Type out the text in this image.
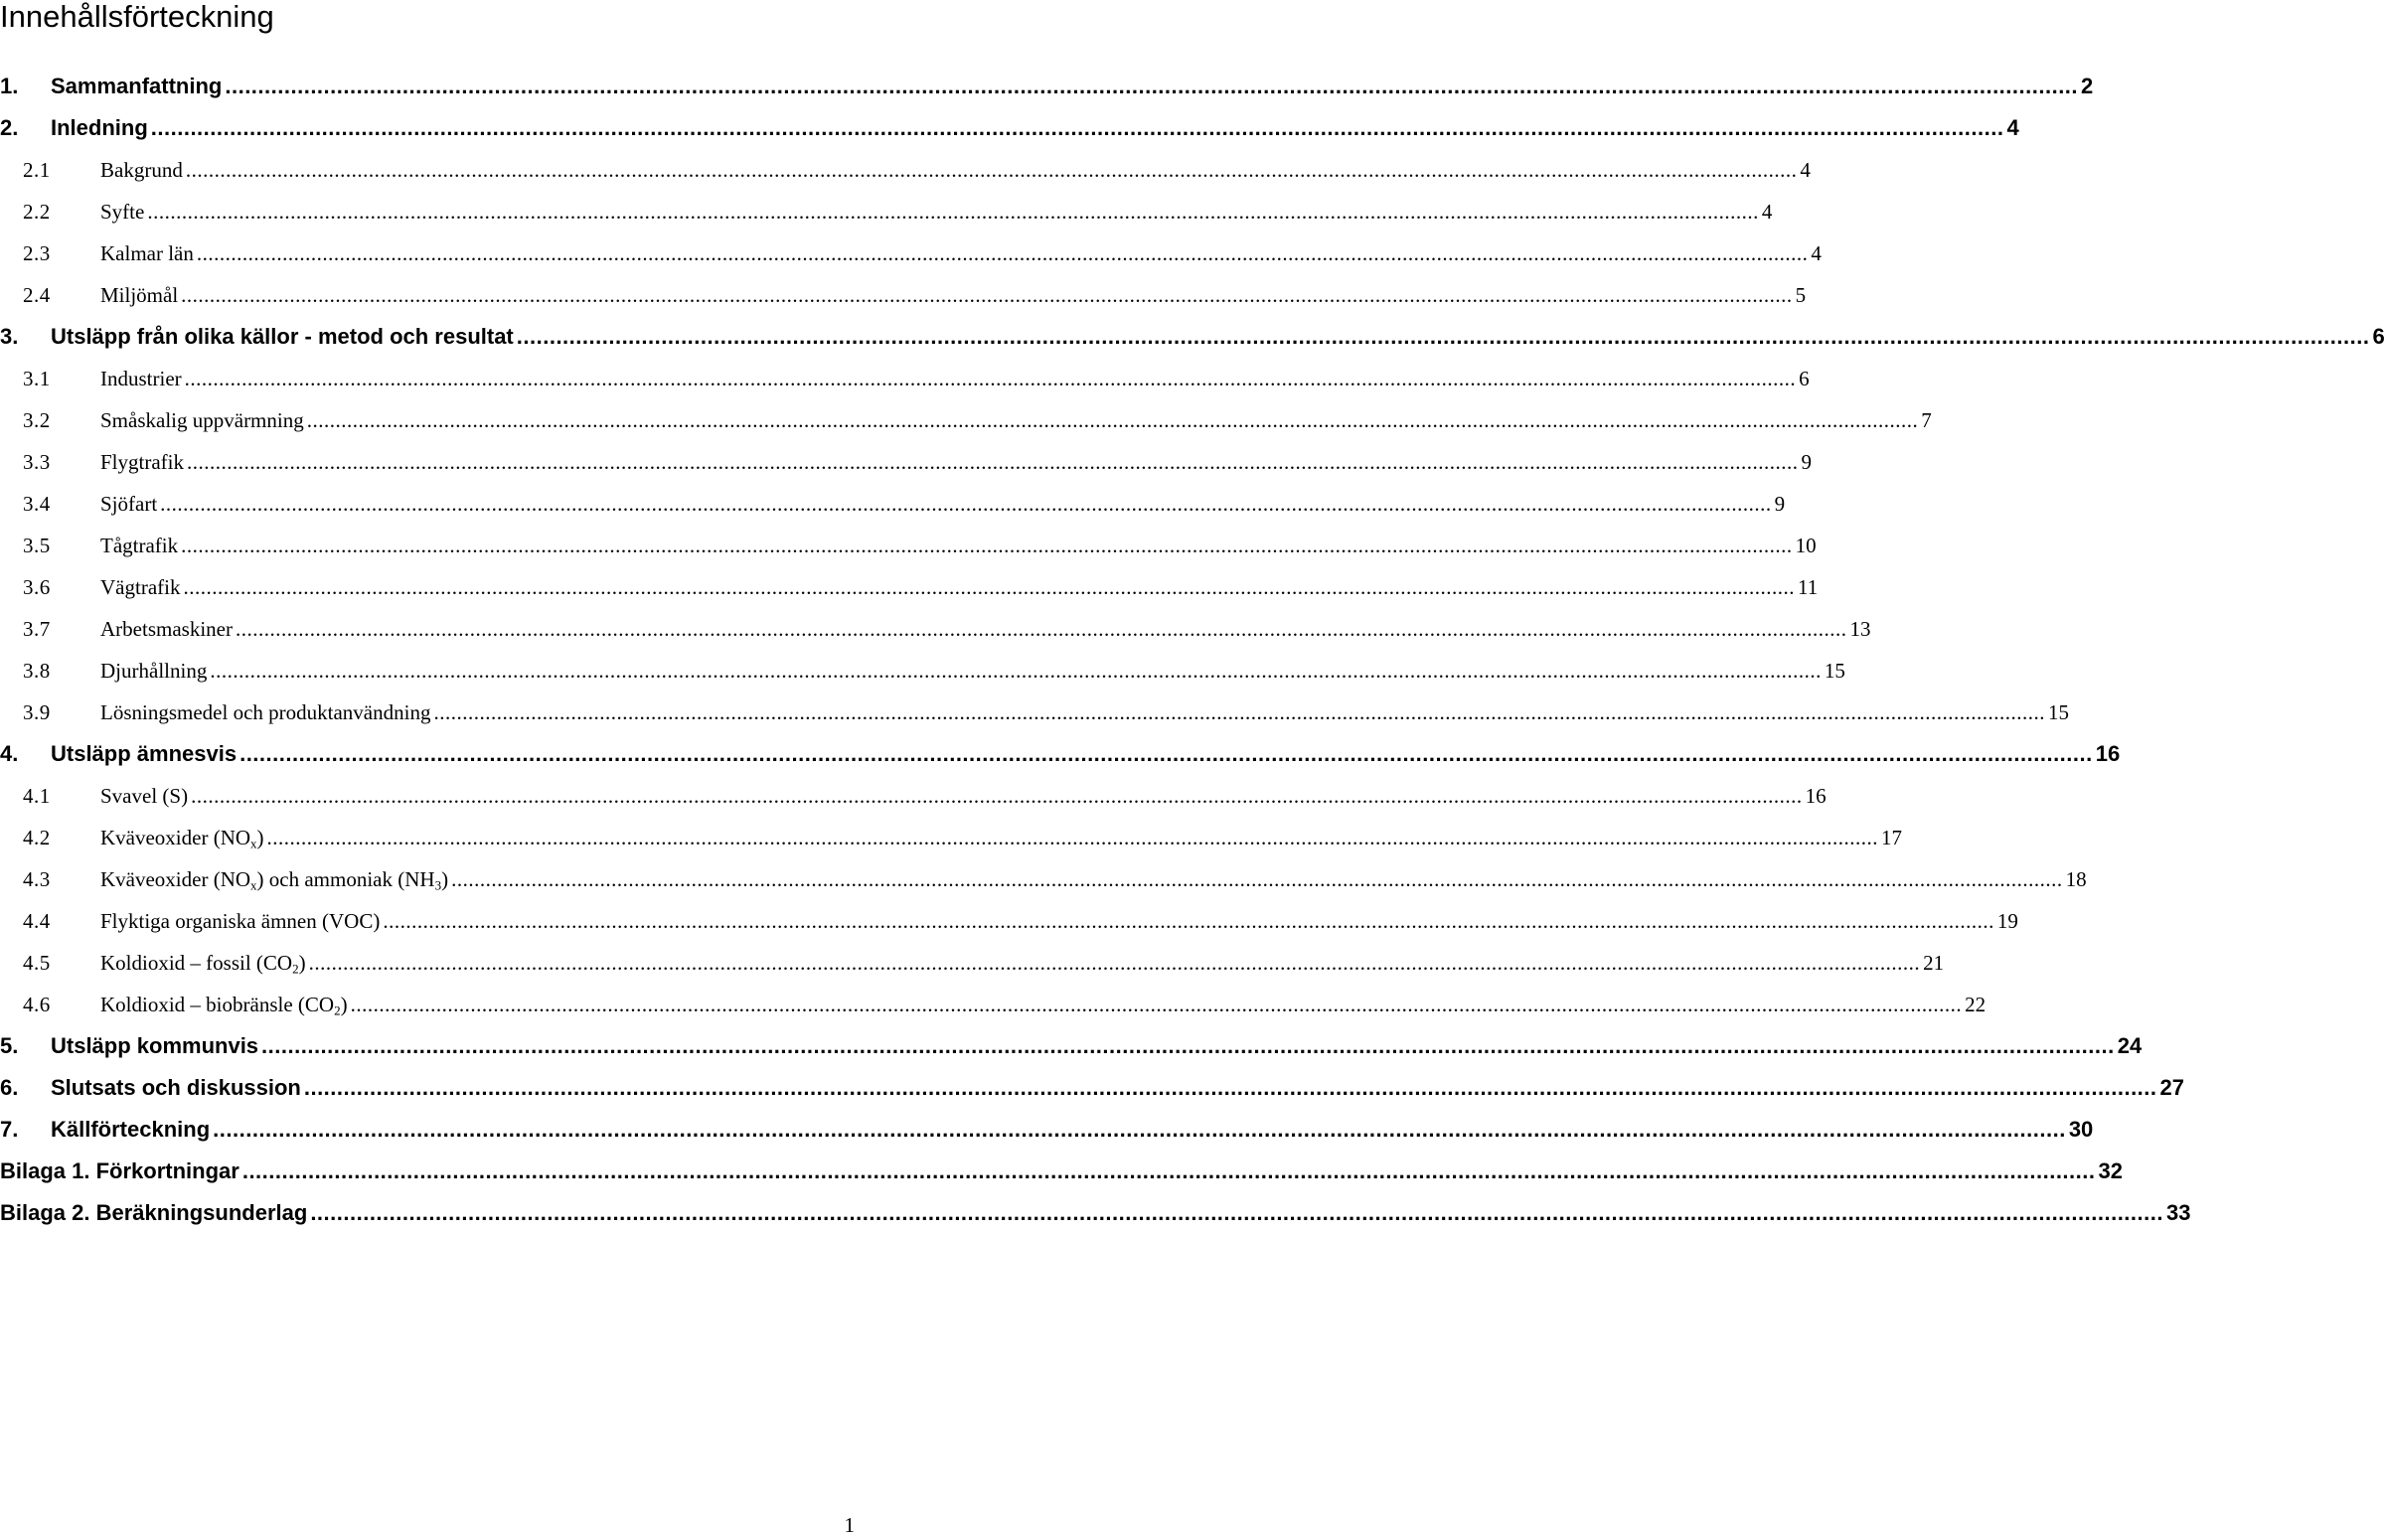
Innehållsförteckning
1.	Sammanfattning .......................................................................................................................................................................................................................................................................................... 2
2.	Inledning .......................................................................................................................................................................................................................................................................................... 4
2.1	Bakgrund .......................................................................................................................................................................................................................................................................................... 4
2.2	Syfte .......................................................................................................................................................................................................................................................................................... 4
2.3	Kalmar län .......................................................................................................................................................................................................................................................................................... 4
2.4	Miljömål .......................................................................................................................................................................................................................................................................................... 5
3.	Utsläpp från olika källor - metod och resultat .......................................................................................................................................................................................................................................................................................... 6
3.1	Industrier .......................................................................................................................................................................................................................................................................................... 6
3.2	Småskalig uppvärmning .......................................................................................................................................................................................................................................................................................... 7
3.3	Flygtrafik .......................................................................................................................................................................................................................................................................................... 9
3.4	Sjöfart .......................................................................................................................................................................................................................................................................................... 9
3.5	Tågtrafik .......................................................................................................................................................................................................................................................................................... 10
3.6	Vägtrafik .......................................................................................................................................................................................................................................................................................... 11
3.7	Arbetsmaskiner .......................................................................................................................................................................................................................................................................................... 13
3.8	Djurhållning .......................................................................................................................................................................................................................................................................................... 15
3.9	Lösningsmedel och produktanvändning .......................................................................................................................................................................................................................................................................................... 15
4.	Utsläpp ämnesvis .......................................................................................................................................................................................................................................................................................... 16
4.1	Svavel (S) .......................................................................................................................................................................................................................................................................................... 16
4.2	Kväveoxider $(NO_x)$ .......................................................................................................................................................................................................................................................................................... 17
4.3	Kväveoxider $(NO_x)$ och ammoniak $(NH_3)$ .......................................................................................................................................................................................................................................................................................... 18
4.4	Flyktiga organiska ämnen (VOC) .......................................................................................................................................................................................................................................................................................... 19
4.5	Koldioxid – fossil $(CO_2)$ .......................................................................................................................................................................................................................................................................................... 21
4.6	Koldioxid – biobränsle $(CO_2)$ .......................................................................................................................................................................................................................................................................................... 22
5.	Utsläpp kommunvis .......................................................................................................................................................................................................................................................................................... 24
6.	Slutsats och diskussion .......................................................................................................................................................................................................................................................................................... 27
7.	Källförteckning .......................................................................................................................................................................................................................................................................................... 30
Bilaga 1. Förkortningar .......................................................................................................................................................................................................................................................................................... 32
Bilaga 2. Beräkningsunderlag .......................................................................................................................................................................................................................................................................................... 33
1
